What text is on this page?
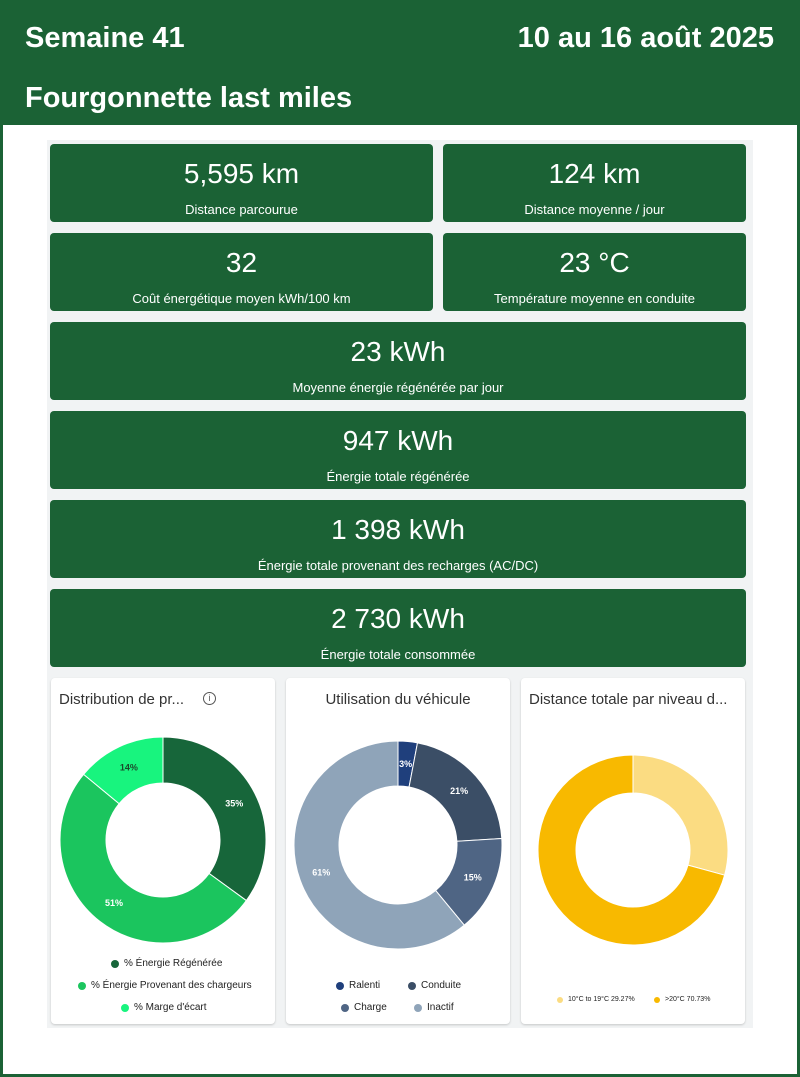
Semaine 41	10 au 16 août 2025
Fourgonnette last miles
5,595 km
Distance parcourue
124 km
Distance moyenne / jour
32
Coût énergétique moyen kWh/100 km
23 °C
Température moyenne en conduite
23 kWh
Moyenne énergie régénérée par jour
947 kWh
Énergie totale régénérée
1 398 kWh
Énergie totale provenant des recharges (AC/DC)
2 730 kWh
Énergie totale consommée
Distribution de pr...	i
35%
51%
14%
% Énergie Régénérée
% Énergie Provenant des chargeurs
% Marge d'écart
Utilisation du véhicule
3%
21%
15%
61%
Ralenti	Conduite
Charge	Inactif
Distance totale par niveau d...
10°C to 19°C 29.27%	>20°C 70.73%
